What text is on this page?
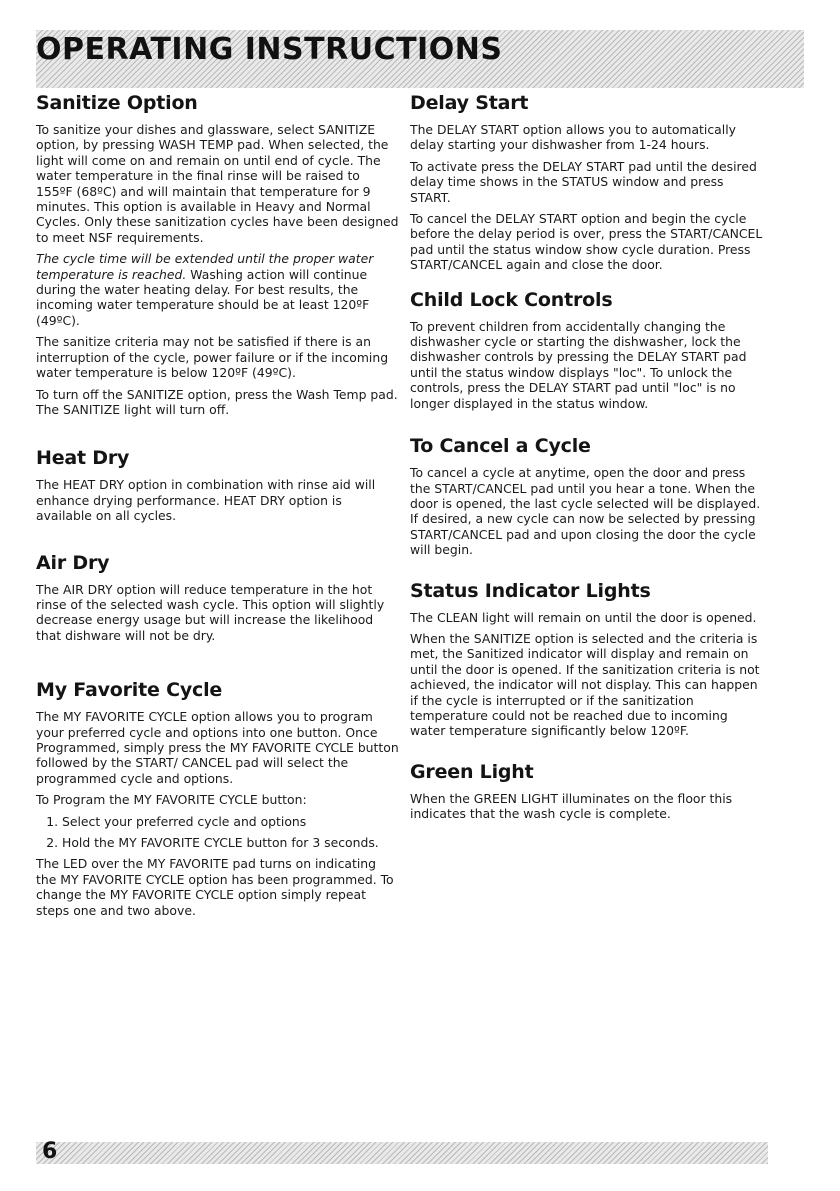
OPERATING INSTRUCTIONS
Sanitize Option

To sanitize your dishes and glassware, select SANITIZE option, by pressing WASH TEMP pad. When selected, the light will come on and remain on until end of cycle. The water temperature in the final rinse will be raised to 155ºF (68ºC) and will maintain that temperature for 9 minutes. This option is available in Heavy and Normal Cycles. Only these sanitization cycles have been designed to meet NSF requirements.

The cycle time will be extended until the proper water temperature is reached. Washing action will continue during the water heating delay. For best results, the incoming water temperature should be at least 120ºF (49ºC).

The sanitize criteria may not be satisfied if there is an interruption of the cycle, power failure or if the incoming water temperature is below 120ºF (49ºC).

To turn off the SANITIZE option, press the Wash Temp pad. The SANITIZE light will turn off.

Heat Dry

The HEAT DRY option in combination with rinse aid will enhance drying performance. HEAT DRY option is available on all cycles.

Air Dry

The AIR DRY option will reduce temperature in the hot rinse of the selected wash cycle. This option will slightly decrease energy usage but will increase the likelihood that dishware will not be dry.

My Favorite Cycle

The MY FAVORITE CYCLE option allows you to program your preferred cycle and options into one button. Once Programmed, simply press the MY FAVORITE CYCLE button followed by the START/ CANCEL pad will select the programmed cycle and options.

To Program the MY FAVORITE CYCLE button:

1. Select your preferred cycle and options
2. Hold the MY FAVORITE CYCLE button for 3 seconds.

The LED over the MY FAVORITE pad turns on indicating the MY FAVORITE CYCLE option has been programmed. To change the MY FAVORITE CYCLE option simply repeat steps one and two above.

Delay Start

The DELAY START option allows you to automatically delay starting your dishwasher from 1-24 hours.

To activate press the DELAY START pad until the desired delay time shows in the STATUS window and press START.

To cancel the DELAY START option and begin the cycle before the delay period is over, press the START/CANCEL pad until the status window show cycle duration. Press START/CANCEL again and close the door.

Child Lock Controls

To prevent children from accidentally changing the dishwasher cycle or starting the dishwasher, lock the dishwasher controls by pressing the DELAY START pad until the status window displays "loc". To unlock the controls, press the DELAY START pad until "loc" is no longer displayed in the status window.

To Cancel a Cycle

To cancel a cycle at anytime, open the door and press the START/CANCEL pad until you hear a tone. When the door is opened, the last cycle selected will be displayed. If desired, a new cycle can now be selected by pressing START/CANCEL pad and upon closing the door the cycle will begin.

Status Indicator Lights

The CLEAN light will remain on until the door is opened.

When the SANITIZE option is selected and the criteria is met, the Sanitized indicator will display and remain on until the door is opened. If the sanitization criteria is not achieved, the indicator will not display. This can happen if the cycle is interrupted or if the sanitization temperature could not be reached due to incoming water temperature significantly below 120ºF.

Green Light

When the GREEN LIGHT illuminates on the floor this indicates that the wash cycle is complete.

6
